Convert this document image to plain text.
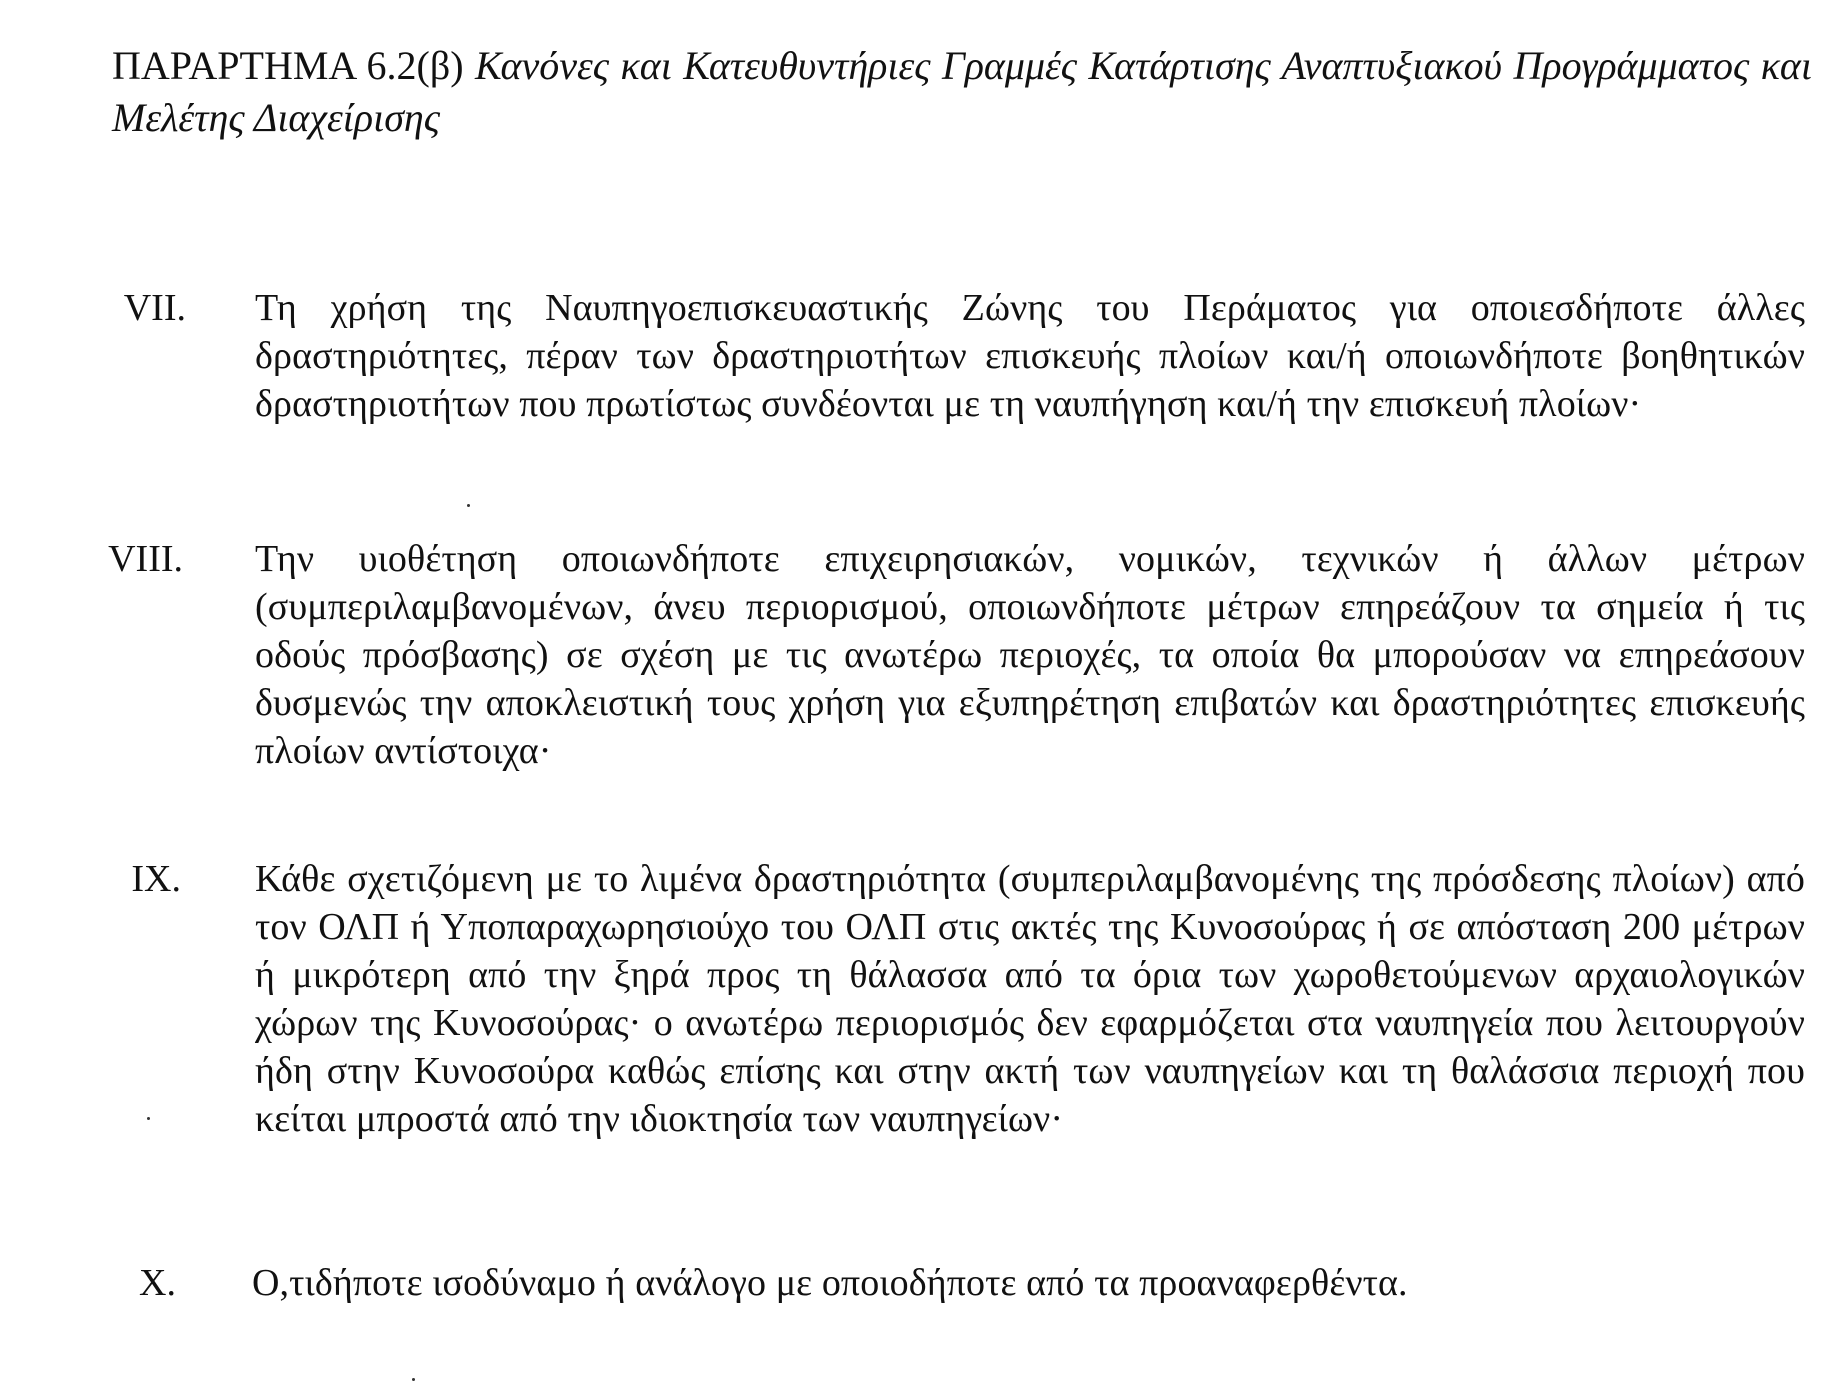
ΠΑΡΑΡΤΗΜΑ 6.2(β) Κανόνες και Κατευθυντήριες Γραμμές Κατάρτισης Αναπτυξιακού Προγράμματος και Μελέτης Διαχείρισης
VII. Τη χρήση της Ναυπηγοεπισκευαστικής Ζώνης του Περάματος για οποιεσδήποτε άλλες δραστηριότητες, πέραν των δραστηριοτήτων επισκευής πλοίων και/ή οποιωνδήποτε βοηθητικών δραστηριοτήτων που πρωτίστως συνδέονται με τη ναυπήγηση και/ή την επισκευή πλοίων·
VIII. Την υιοθέτηση οποιωνδήποτε επιχειρησιακών, νομικών, τεχνικών ή άλλων μέτρων (συμπεριλαμβανομένων, άνευ περιορισμού, οποιωνδήποτε μέτρων επηρεάζουν τα σημεία ή τις οδούς πρόσβασης) σε σχέση με τις ανωτέρω περιοχές, τα οποία θα μπορούσαν να επηρεάσουν δυσμενώς την αποκλειστική τους χρήση για εξυπηρέτηση επιβατών και δραστηριότητες επισκευής πλοίων αντίστοιχα·
IX. Κάθε σχετιζόμενη με το λιμένα δραστηριότητα (συμπεριλαμβανομένης της πρόσδεσης πλοίων) από τον ΟΛΠ ή Υποπαραχωρησιούχο του ΟΛΠ στις ακτές της Κυνοσούρας ή σε απόσταση 200 μέτρων ή μικρότερη από την ξηρά προς τη θάλασσα από τα όρια των χωροθετούμενων αρχαιολογικών χώρων της Κυνοσούρας· ο ανωτέρω περιορισμός δεν εφαρμόζεται στα ναυπηγεία που λειτουργούν ήδη στην Κυνοσούρα καθώς επίσης και στην ακτή των ναυπηγείων και τη θαλάσσια περιοχή που κείται μπροστά από την ιδιοκτησία των ναυπηγείων·
X. Ο,τιδήποτε ισοδύναμο ή ανάλογο με οποιοδήποτε από τα προαναφερθέντα.
